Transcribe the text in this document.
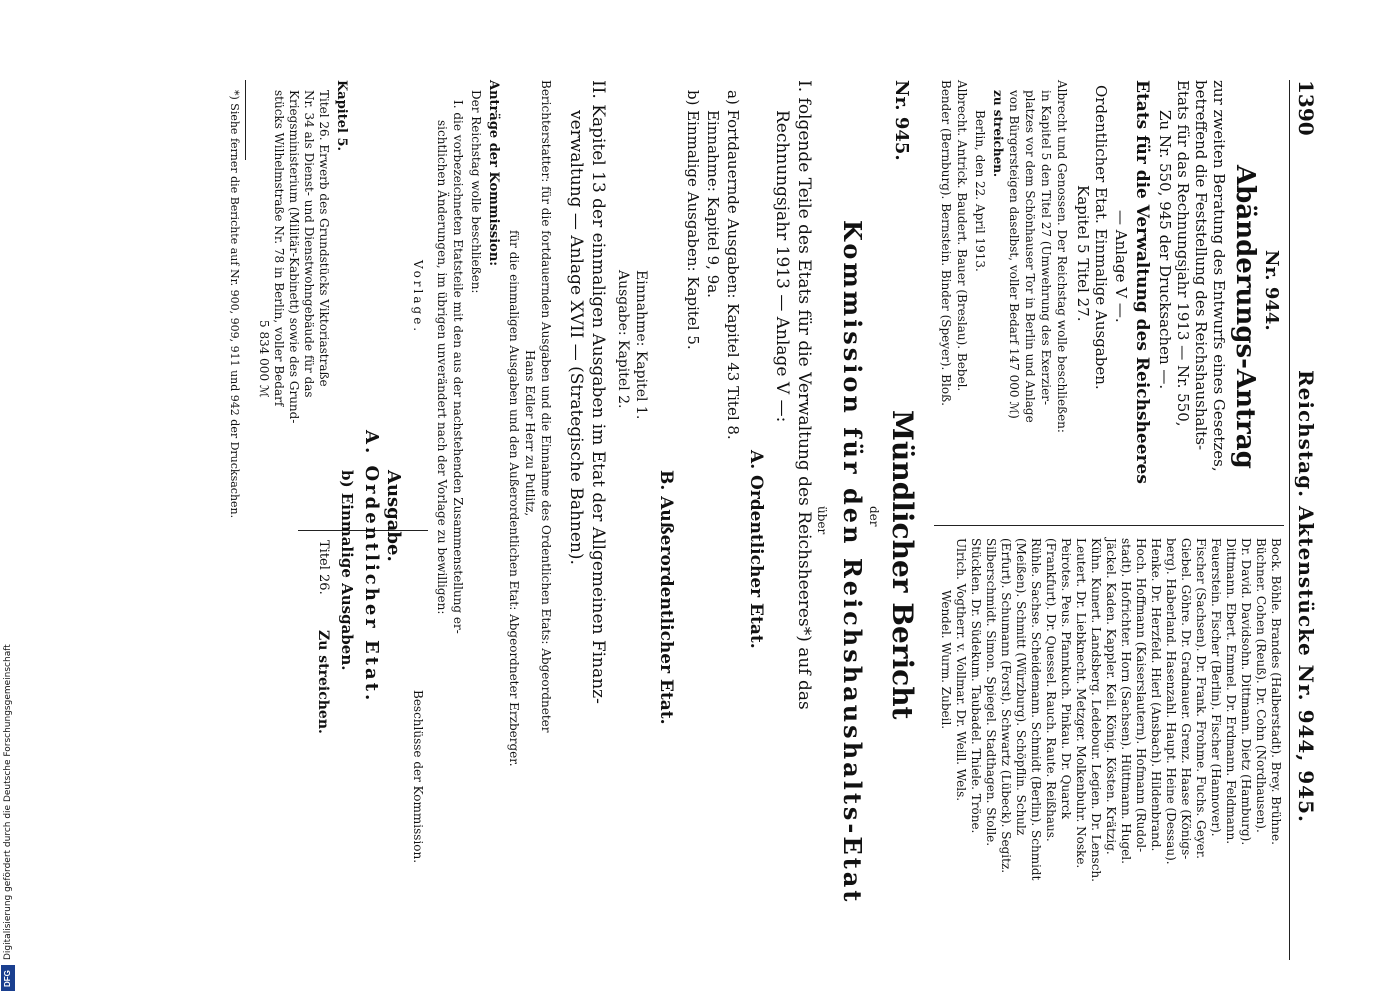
1390
Reichstag. Aktenstücke Nr. 944, 945.
Nr. 944.
Abänderungs-Antrag
zur zweiten Beratung des Entwurfs eines Gesetzes,
betreffend die Feststellung des Reichshaushalts-
Etats für das Rechnungsjahr 1913 — Nr. 550,
Zu Nr. 550, 945 der Drucksachen —.
Etats für die Verwaltung des Reichsheeres
— Anlage V —.
Ordentlicher Etat. Einmalige Ausgaben.
Kapitel 5 Titel 27.
Albrecht und Genossen. Der Reichstag wolle beschließen:
in Kapitel 5 den Titel 27 (Umwehrung des Exerzier-
platzes vor dem Schönhauser Tor in Berlin und Anlage
von Bürgersteigen daselbst, voller Bedarf 147 000 ℳ)
zu streichen.
Berlin, den 22. April 1913.
Albrecht. Antrick. Baudert. Bauer (Breslau). Bebel.
Bender (Bernburg). Bernstein. Binder (Speyer). Bloß.
Bock. Böhle. Brandes (Halberstadt). Brey. Brühne.
Büchner. Cohen (Reuß). Dr. Cohn (Nordhausen).
Dr. David. Davidsohn. Dittmann. Dietz (Hamburg).
Dittmann. Ebert. Emmel. Dr. Erdmann. Feldmann.
Feuerstein. Fischer (Berlin). Fischer (Hannover).
Fischer (Sachsen). Dr. Frank. Frohme. Fuchs. Geyer.
Giebel. Göhre. Dr. Gradnauer. Grenz. Haase (Königs-
berg). Haberland. Hasenzahl. Haupt. Heine (Dessau).
Henke. Dr. Herzfeld. Hierl (Ansbach). Hildenbrand.
Hoch. Hoffmann (Kaiserslautern). Hofmann (Rudol-
stadt). Hofrichter. Horn (Sachsen). Hüttmann. Hugel.
Jäckel. Kaden. Kappler. Keil. König. Kösten. Krätzig.
Kühn. Kunert. Landsberg. Ledebour. Legien. Dr. Lensch.
Leutert. Dr. Liebknecht. Metzger. Molkenbuhr. Noske.
Peirotes. Peus. Pfannkuch. Pinkau. Dr. Quarck
(Frankfurt). Dr. Quessel. Rauch. Raute. Reißhaus.
Rühle. Sachse. Scheidemann. Schmidt (Berlin). Schmidt
(Meißen). Schmitt (Würzburg). Schöpflin. Schulz
(Erfurt). Schumann (Forst). Schwartz (Lübeck). Segitz.
Silberschmidt. Simon. Spiegel. Stadthagen. Stolle.
Stücklen. Dr. Südekum. Taubadel. Thiele. Tröne.
Ulrich. Vogtherr. v. Vollmar. Dr. Weill. Wels.
Wendel. Wurm. Zubeil.
Nr. 945.
Mündlicher Bericht
der
Kommission für den Reichshaushalts-Etat
über
I. folgende Teile des Etats für die Verwaltung des Reichsheeres*) auf das
Rechnungsjahr 1913 — Anlage V —:
A. Ordentlicher Etat.
a) Fortdauernde Ausgaben: Kapitel 43 Titel 8.
Einnahme: Kapitel 9, 9a.
b) Einmalige Ausgaben: Kapitel 5.
B. Außerordentlicher Etat.
Einnahme: Kapitel 1.
Ausgabe: Kapitel 2.
II. Kapitel 13 der einmaligen Ausgaben im Etat der Allgemeinen Finanz-
verwaltung — Anlage XVII — (Strategische Bahnen).
Berichterstatter: für die fortdauernden Ausgaben und die Einnahme des Ordentlichen Etats: Abgeordneter
Hans Edler Herr zu Putlitz,
für die einmaligen Ausgaben und den Außerordentlichen Etat: Abgeordneter Erzberger.
Anträge der Kommission:
Der Reichstag wolle beschließen:
I. die vorbezeichneten Etatsteile mit den aus der nachstehenden Zusammenstellung er-
sichtlichen Änderungen, im übrigen unverändert nach der Vorlage zu bewilligen:
Vorlage.
Beschlüsse der Kommission.
Ausgabe.
A. Ordentlicher Etat.
b) Einmalige Ausgaben.
Kapitel 5.
Titel 26. Erwerb des Grundstücks Viktoriastraße
Nr. 34 als Dienst- und Dienstwohngebäude für das
Kriegsministerium (Militär-Kabinett) sowie des Grund-
stücks Wilhelmstraße Nr. 78 in Berlin, voller Bedarf
5 834 000 ℳ
Titel 26.
Zu streichen.
*) Siehe ferner die Berichte auf Nr. 900, 909, 911 und 942 der Drucksachen.
Digitalisierung gefördert durch die Deutsche Forschungsgemeinschaft
DFG
